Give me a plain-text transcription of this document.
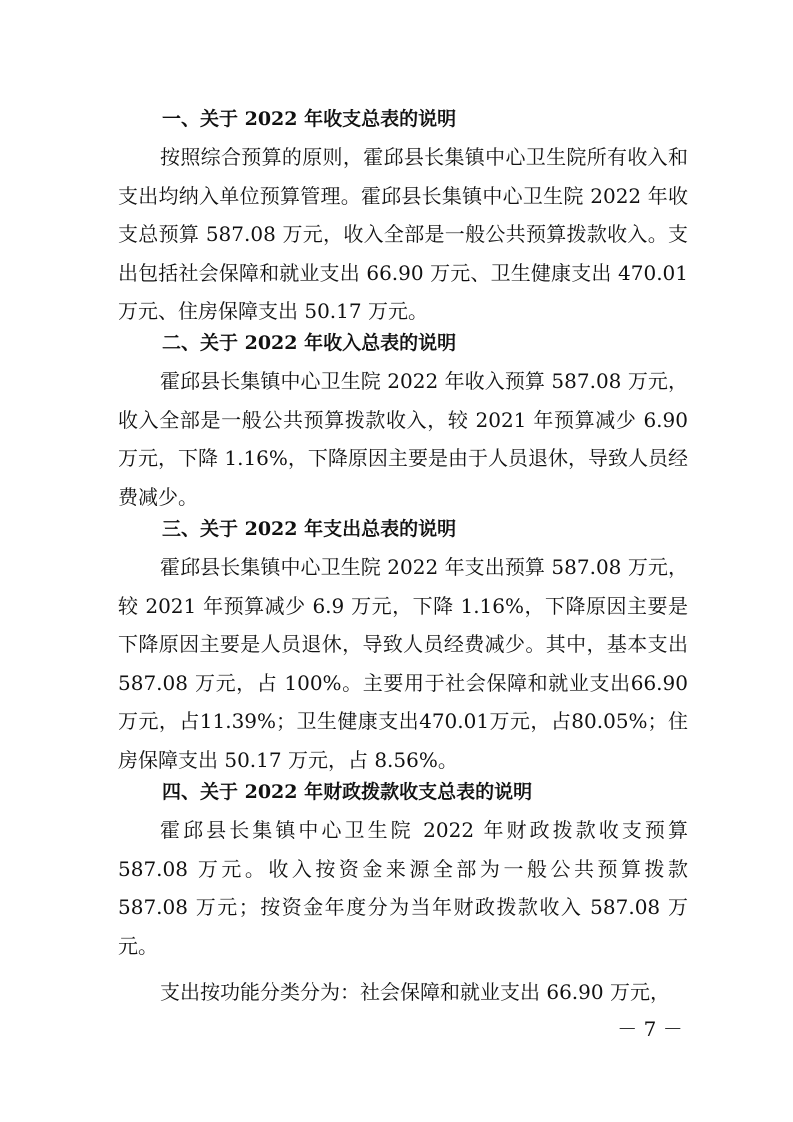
一、关于 2022 年收支总表的说明

按照综合预算的原则，霍邱县长集镇中心卫生院所有收入和支出均纳入单位预算管理。霍邱县长集镇中心卫生院 2022 年收支总预算 587.08 万元，收入全部是一般公共预算拨款收入。支出包括社会保障和就业支出 66.90 万元、卫生健康支出 470.01 万元、住房保障支出 50.17 万元。

二、关于 2022 年收入总表的说明

霍邱县长集镇中心卫生院 2022 年收入预算 587.08 万元，收入全部是一般公共预算拨款收入，较 2021 年预算减少 6.90 万元，下降 1.16%，下降原因主要是由于人员退休，导致人员经费减少。

三、关于 2022 年支出总表的说明

霍邱县长集镇中心卫生院 2022 年支出预算 587.08 万元，较 2021 年预算减少 6.9 万元，下降 1.16%，下降原因主要是下降原因主要是人员退休，导致人员经费减少。其中，基本支出 587.08 万元，占 100%。主要用于社会保障和就业支出66.90万元，占11.39%；卫生健康支出470.01万元，占80.05%；住房保障支出 50.17 万元，占 8.56%。

四、关于 2022 年财政拨款收支总表的说明

霍邱县长集镇中心卫生院 2022 年财政拨款收支预算 587.08 万元。收入按资金来源全部为一般公共预算拨款 587.08 万元；按资金年度分为当年财政拨款收入 587.08 万元。

支出按功能分类分为：社会保障和就业支出 66.90 万元，

－ 7 －
